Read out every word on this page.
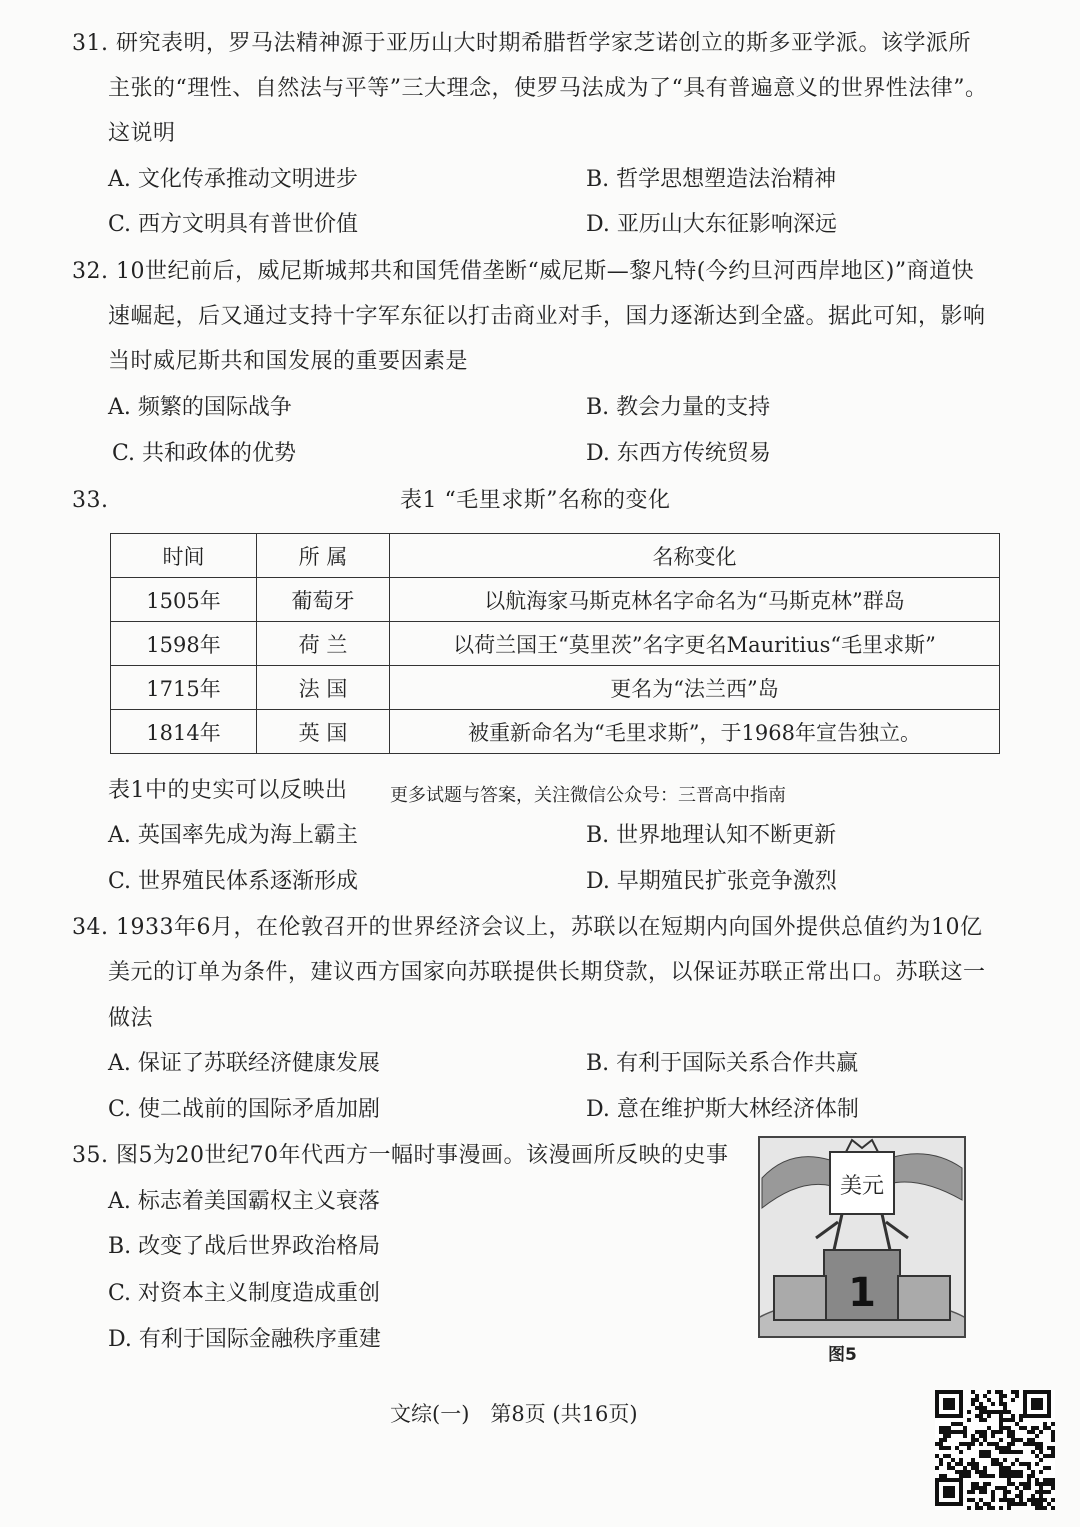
31. 研究表明，罗马法精神源于亚历山大时期希腊哲学家芝诺创立的斯多亚学派。该学派所
主张的“理性、自然法与平等”三大理念，使罗马法成为了“具有普遍意义的世界性法律”。
这说明
A. 文化传承推动文明进步	B. 哲学思想塑造法治精神
C. 西方文明具有普世价值	D. 亚历山大东征影响深远
32. 10世纪前后，威尼斯城邦共和国凭借垄断“威尼斯—黎凡特(今约旦河西岸地区)”商道快
速崛起，后又通过支持十字军东征以打击商业对手，国力逐渐达到全盛。据此可知，影响
当时威尼斯共和国发展的重要因素是
A. 频繁的国际战争	B. 教会力量的支持
C. 共和政体的优势	D. 东西方传统贸易
33.	表1 “毛里求斯”名称的变化
时间	所 属	名称变化
1505年	葡萄牙	以航海家马斯克林名字命名为“马斯克林”群岛
1598年	荷 兰	以荷兰国王“莫里茨”名字更名Mauritius“毛里求斯”
1715年	法 国	更名为“法兰西”岛
1814年	英 国	被重新命名为“毛里求斯”，于1968年宣告独立。
表1中的史实可以反映出 更多试题与答案，关注微信公众号：三晋高中指南
A. 英国率先成为海上霸主	B. 世界地理认知不断更新
C. 世界殖民体系逐渐形成	D. 早期殖民扩张竞争激烈
34. 1933年6月，在伦敦召开的世界经济会议上，苏联以在短期内向国外提供总值约为10亿
美元的订单为条件，建议西方国家向苏联提供长期贷款，以保证苏联正常出口。苏联这一
做法
A. 保证了苏联经济健康发展	B. 有利于国际关系合作共赢
C. 使二战前的国际矛盾加剧	D. 意在维护斯大林经济体制
35. 图5为20世纪70年代西方一幅时事漫画。该漫画所反映的史事
A. 标志着美国霸权主义衰落
B. 改变了战后世界政治格局
C. 对资本主义制度造成重创
D. 有利于国际金融秩序重建
美元
1
图5
文综(一)　第8页 (共16页)
